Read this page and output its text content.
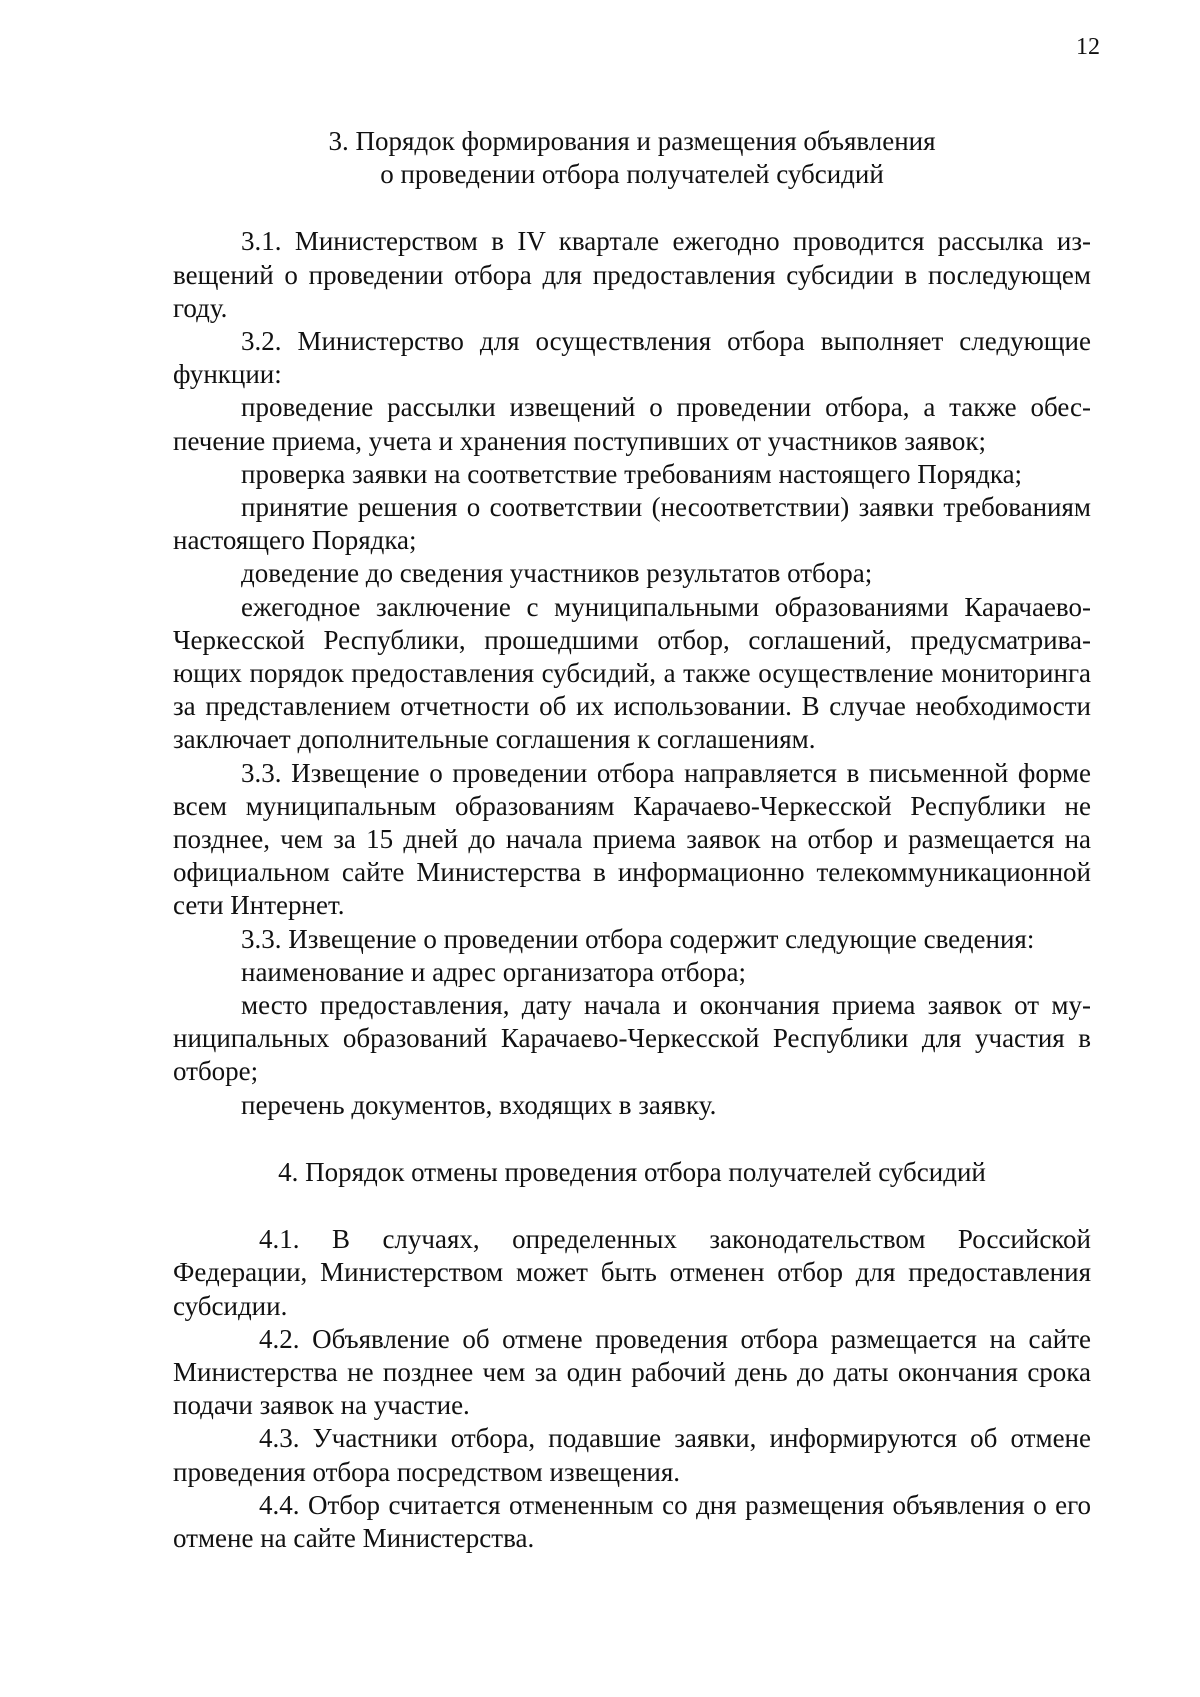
12
3. Порядок формирования и размещения объявления
о проведении отбора получателей субсидий

3.1. Министерством в IV квартале ежегодно проводится рассылка извещений о проведении отбора для предоставления субсидии в последующем году.

3.2. Министерство для осуществления отбора выполняет следующие функции:

проведение рассылки извещений о проведении отбора, а также обеспечение приема, учета и хранения поступивших от участников заявок;

проверка заявки на соответствие требованиям настоящего Порядка;

принятие решения о соответствии (несоответствии) заявки требованиям настоящего Порядка;

доведение до сведения участников результатов отбора;

ежегодное заключение с муниципальными образованиями Карачаево-Черкесской Республики, прошедшими отбор, соглашений, предусматривающих порядок предоставления субсидий, а также осуществление мониторинга за представлением отчетности об их использовании. В случае необходимости заключает дополнительные соглашения к соглашениям.

3.3. Извещение о проведении отбора направляется в письменной форме всем муниципальным образованиям Карачаево-Черкесской Республики не позднее, чем за 15 дней до начала приема заявок на отбор и размещается на официальном сайте Министерства в информационно телекоммуникационной сети Интернет.

3.3. Извещение о проведении отбора содержит следующие сведения:

наименование и адрес организатора отбора;

место предоставления, дату начала и окончания приема заявок от муниципальных образований Карачаево-Черкесской Республики для участия в отборе;

перечень документов, входящих в заявку.

4. Порядок отмены проведения отбора получателей субсидий

4.1. В случаях, определенных законодательством Российской Федерации, Министерством может быть отменен отбор для предоставления субсидии.

4.2. Объявление об отмене проведения отбора размещается на сайте Министерства не позднее чем за один рабочий день до даты окончания срока подачи заявок на участие.

4.3. Участники отбора, подавшие заявки, информируются об отмене проведения отбора посредством извещения.

4.4. Отбор считается отмененным со дня размещения объявления о его отмене на сайте Министерства.
